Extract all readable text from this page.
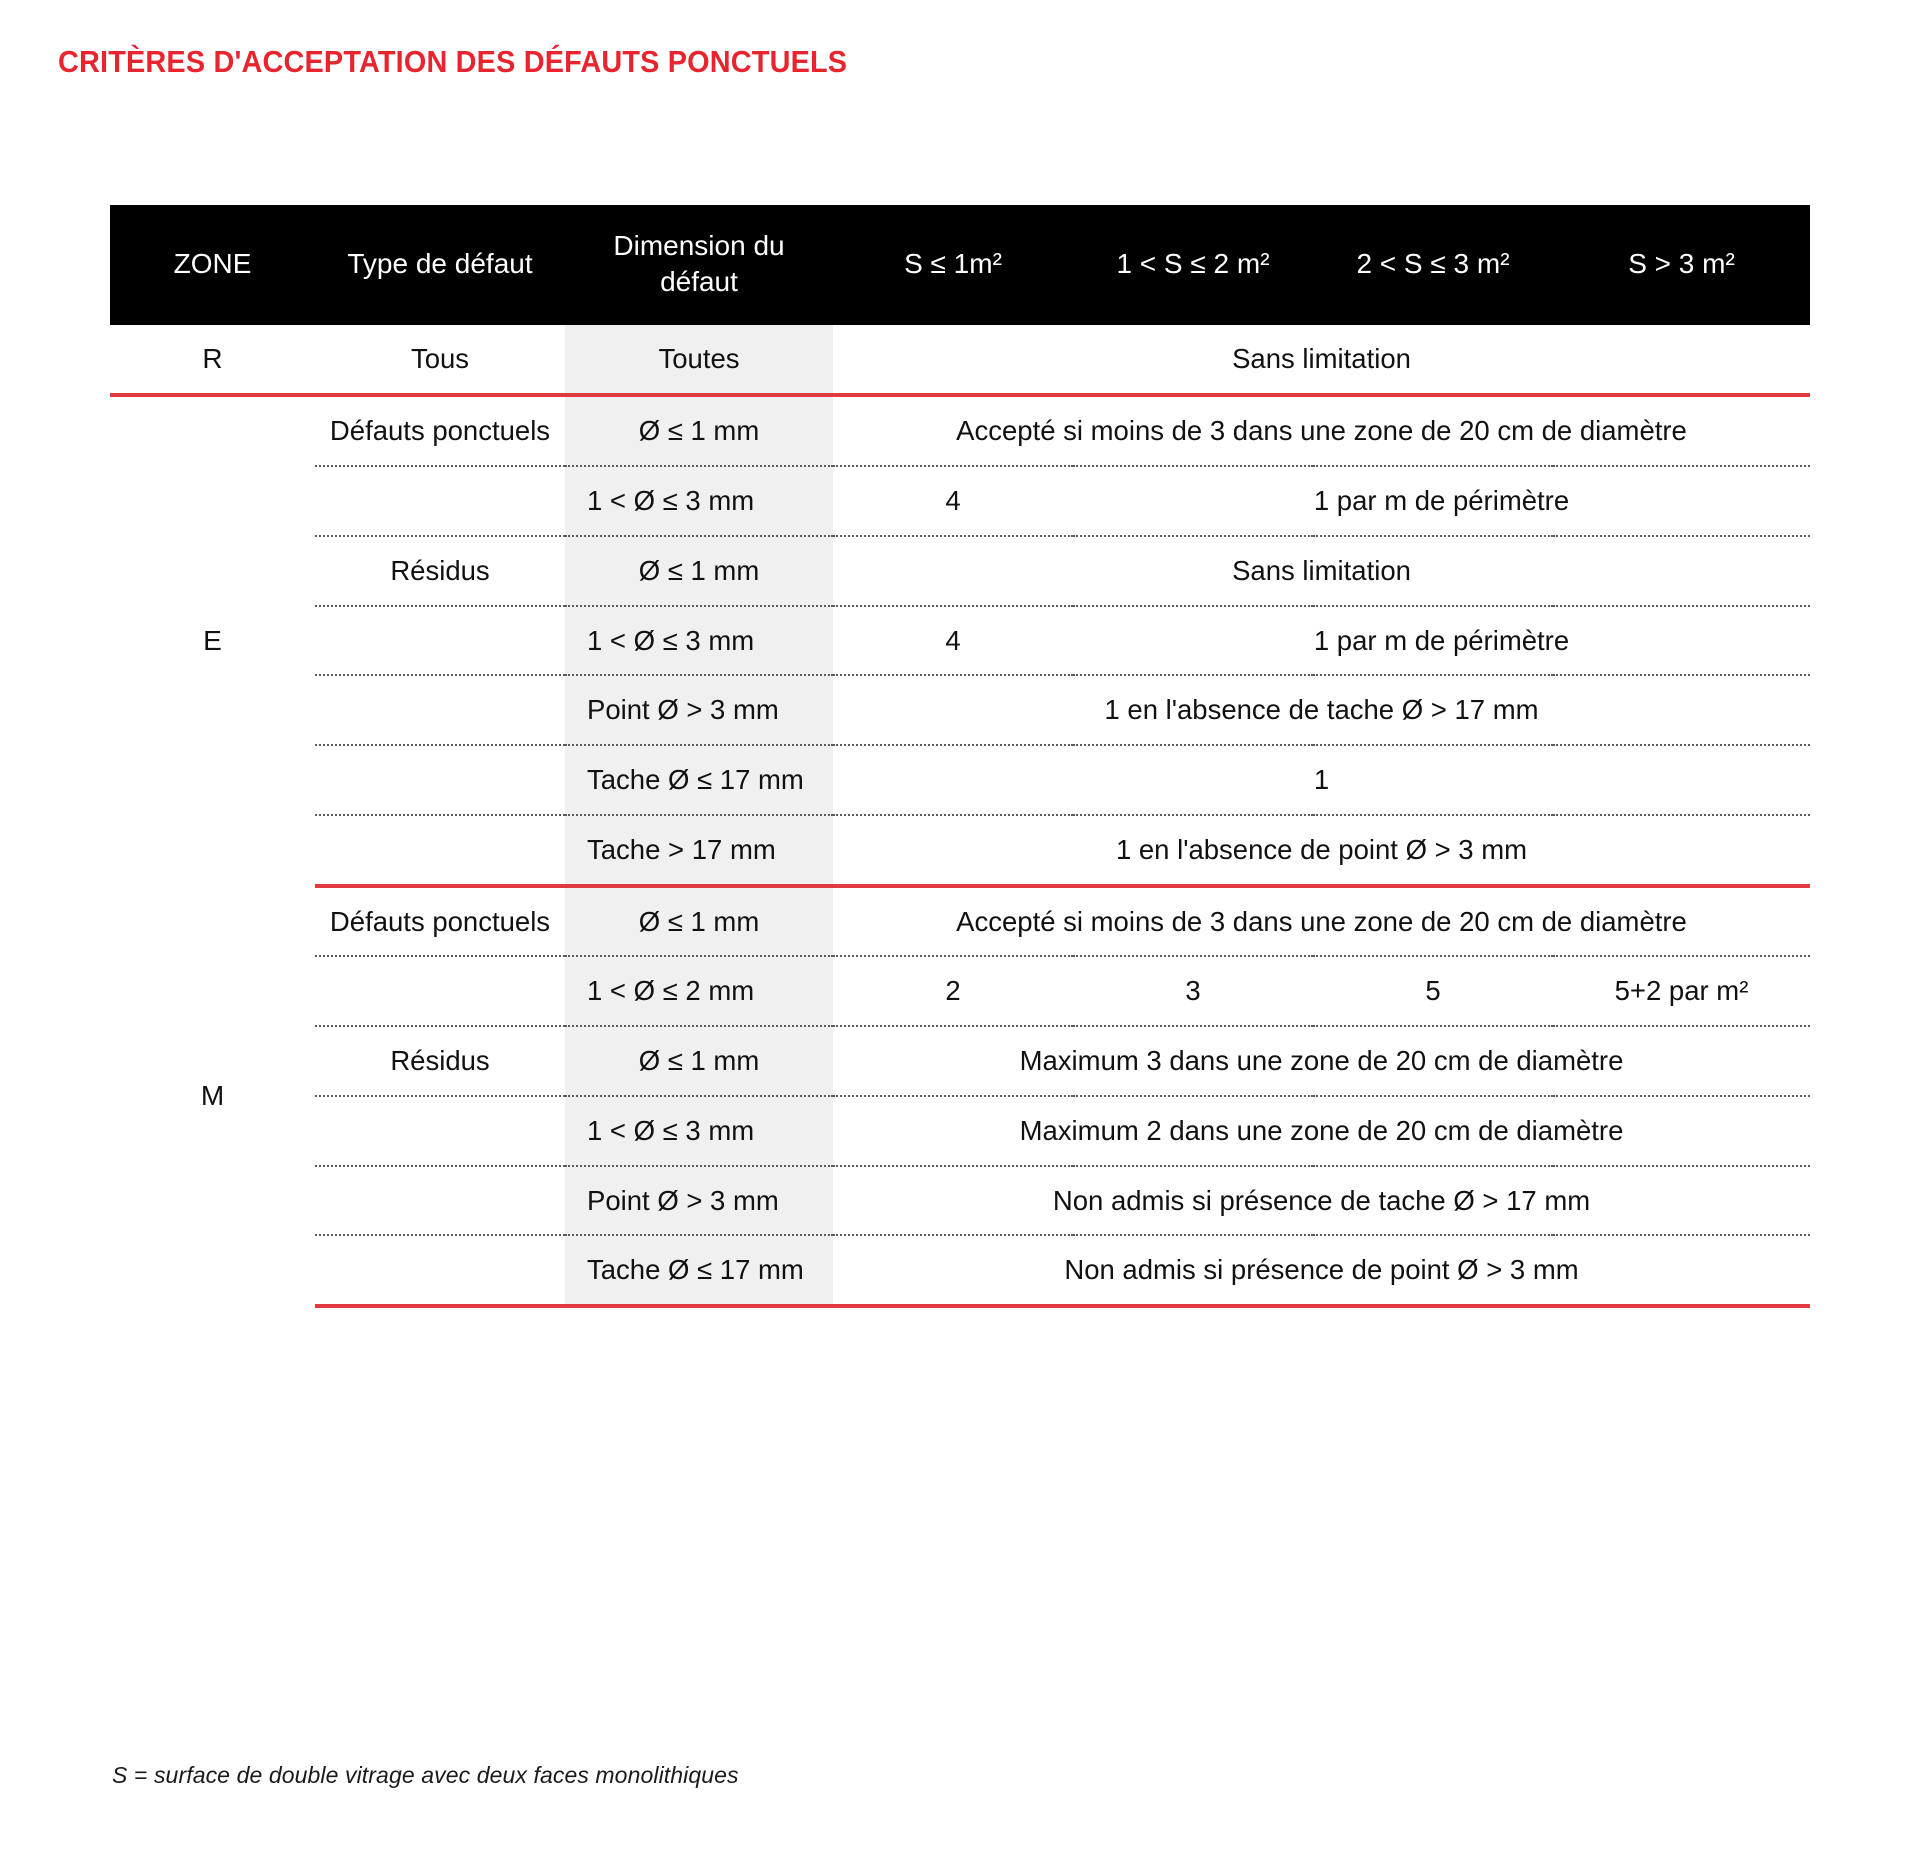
CRITÈRES D'ACCEPTATION DES DÉFAUTS PONCTUELS
ZONE	Type de défaut	Dimension du défaut	S ≤ 1m²	1 < S ≤ 2 m²	2 < S ≤ 3 m²	S > 3 m²
R	Tous	Toutes	Sans limitation			
E	Défauts ponctuels	Ø ≤ 1 mm	Accepté si moins de 3 dans une zone de 20 cm de diamètre			
		1 < Ø ≤ 3 mm	4	1 par m de périmètre		
	Résidus	Ø ≤ 1 mm	Sans limitation			
		1 < Ø ≤ 3 mm	4	1 par m de périmètre		
		Point Ø > 3 mm	1 en l'absence de tache Ø > 17 mm			
		Tache Ø ≤ 17 mm	1			
		Tache > 17 mm	1 en l'absence de point Ø > 3 mm			
M	Défauts ponctuels	Ø ≤ 1 mm	Accepté si moins de 3 dans une zone de 20 cm de diamètre			
		1 < Ø ≤ 2 mm	2	3	5	5+2 par m²
	Résidus	Ø ≤ 1 mm	Maximum 3 dans une zone de 20 cm de diamètre			
		1 < Ø ≤ 3 mm	Maximum 2 dans une zone de 20 cm de diamètre			
		Point Ø > 3 mm	Non admis si présence de tache Ø > 17 mm			
		Tache Ø ≤ 17 mm	Non admis si présence de point Ø > 3 mm			
S = surface de double vitrage avec deux faces monolithiques
